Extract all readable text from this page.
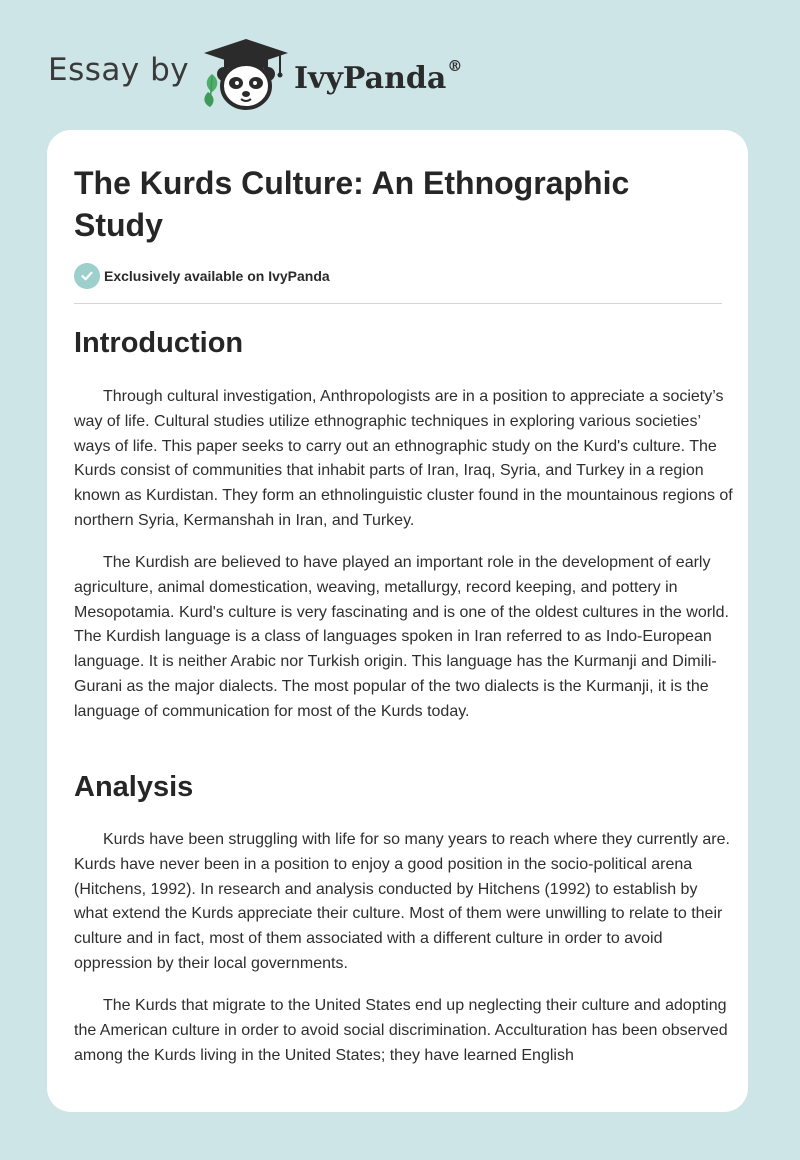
Essay by	IvyPanda®
The Kurds Culture: An Ethnographic Study
Exclusively available on IvyPanda
Introduction

Through cultural investigation, Anthropologists are in a position to appreciate a society’s way of life. Cultural studies utilize ethnographic techniques in exploring various societies’ ways of life. This paper seeks to carry out an ethnographic study on the Kurd's culture. The Kurds consist of communities that inhabit parts of Iran, Iraq, Syria, and Turkey in a region known as Kurdistan. They form an ethnolinguistic cluster found in the mountainous regions of northern Syria, Kermanshah in Iran, and Turkey.

The Kurdish are believed to have played an important role in the development of early agriculture, animal domestication, weaving, metallurgy, record keeping, and pottery in Mesopotamia. Kurd's culture is very fascinating and is one of the oldest cultures in the world. The Kurdish language is a class of languages spoken in Iran referred to as Indo-European language. It is neither Arabic nor Turkish origin. This language has the Kurmanji and Dimili-Gurani as the major dialects. The most popular of the two dialects is the Kurmanji, it is the language of communication for most of the Kurds today.

Analysis

Kurds have been struggling with life for so many years to reach where they currently are. Kurds have never been in a position to enjoy a good position in the socio-political arena (Hitchens, 1992). In research and analysis conducted by Hitchens (1992) to establish by what extend the Kurds appreciate their culture. Most of them were unwilling to relate to their culture and in fact, most of them associated with a different culture in order to avoid oppression by their local governments.

The Kurds that migrate to the United States end up neglecting their culture and adopting the American culture in order to avoid social discrimination. Acculturation has been observed among the Kurds living in the United States; they have learned English
